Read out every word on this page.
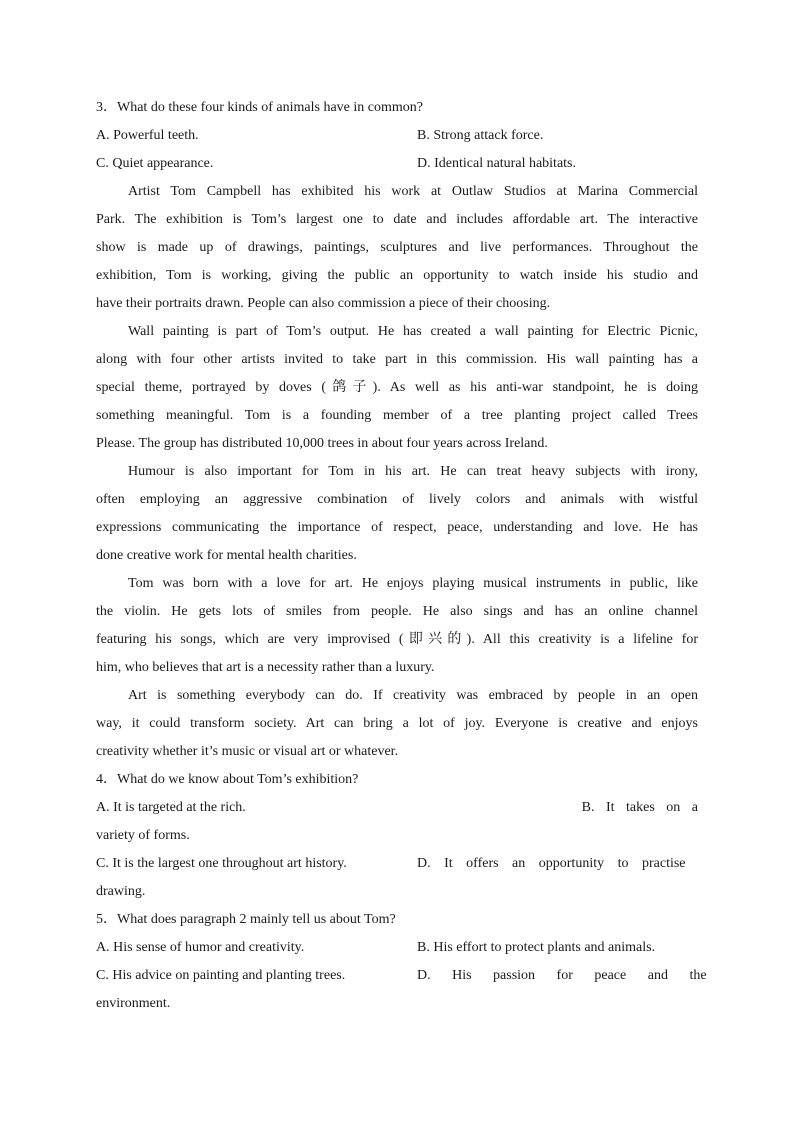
3．What do these four kinds of animals have in common?
A. Powerful teeth.	B. Strong attack force.
C. Quiet appearance.	D. Identical natural habitats.
Artist Tom Campbell has exhibited his work at Outlaw Studios at Marina Commercial
Park. The exhibition is Tom’s largest one to date and includes affordable art. The interactive
show is made up of drawings, paintings, sculptures and live performances. Throughout the
exhibition, Tom is working, giving the public an opportunity to watch inside his studio and
have their portraits drawn. People can also commission a piece of their choosing.
Wall painting is part of Tom’s output. He has created a wall painting for Electric Picnic,
along with four other artists invited to take part in this commission. His wall painting has a
special theme, portrayed by doves (鸽子). As well as his anti-war standpoint, he is doing
something meaningful. Tom is a founding member of a tree planting project called Trees
Please. The group has distributed 10,000 trees in about four years across Ireland.
Humour is also important for Tom in his art. He can treat heavy subjects with irony,
often employing an aggressive combination of lively colors and animals with wistful
expressions communicating the importance of respect, peace, understanding and love. He has
done creative work for mental health charities.
Tom was born with a love for art. He enjoys playing musical instruments in public, like
the violin. He gets lots of smiles from people. He also sings and has an online channel
featuring his songs, which are very improvised (即兴的). All this creativity is a lifeline for
him, who believes that art is a necessity rather than a luxury.
Art is something everybody can do. If creativity was embraced by people in an open
way, it could transform society. Art can bring a lot of joy. Everyone is creative and enjoys
creativity whether it’s music or visual art or whatever.
4．What do we know about Tom’s exhibition?
A. It is targeted at the rich.	B. It takes on a
variety of forms.
C. It is the largest one throughout art history.	D. It offers an opportunity to practise
drawing.
5．What does paragraph 2 mainly tell us about Tom?
A. His sense of humor and creativity.	B. His effort to protect plants and animals.
C. His advice on painting and planting trees.	D. His passion for peace and the
environment.
